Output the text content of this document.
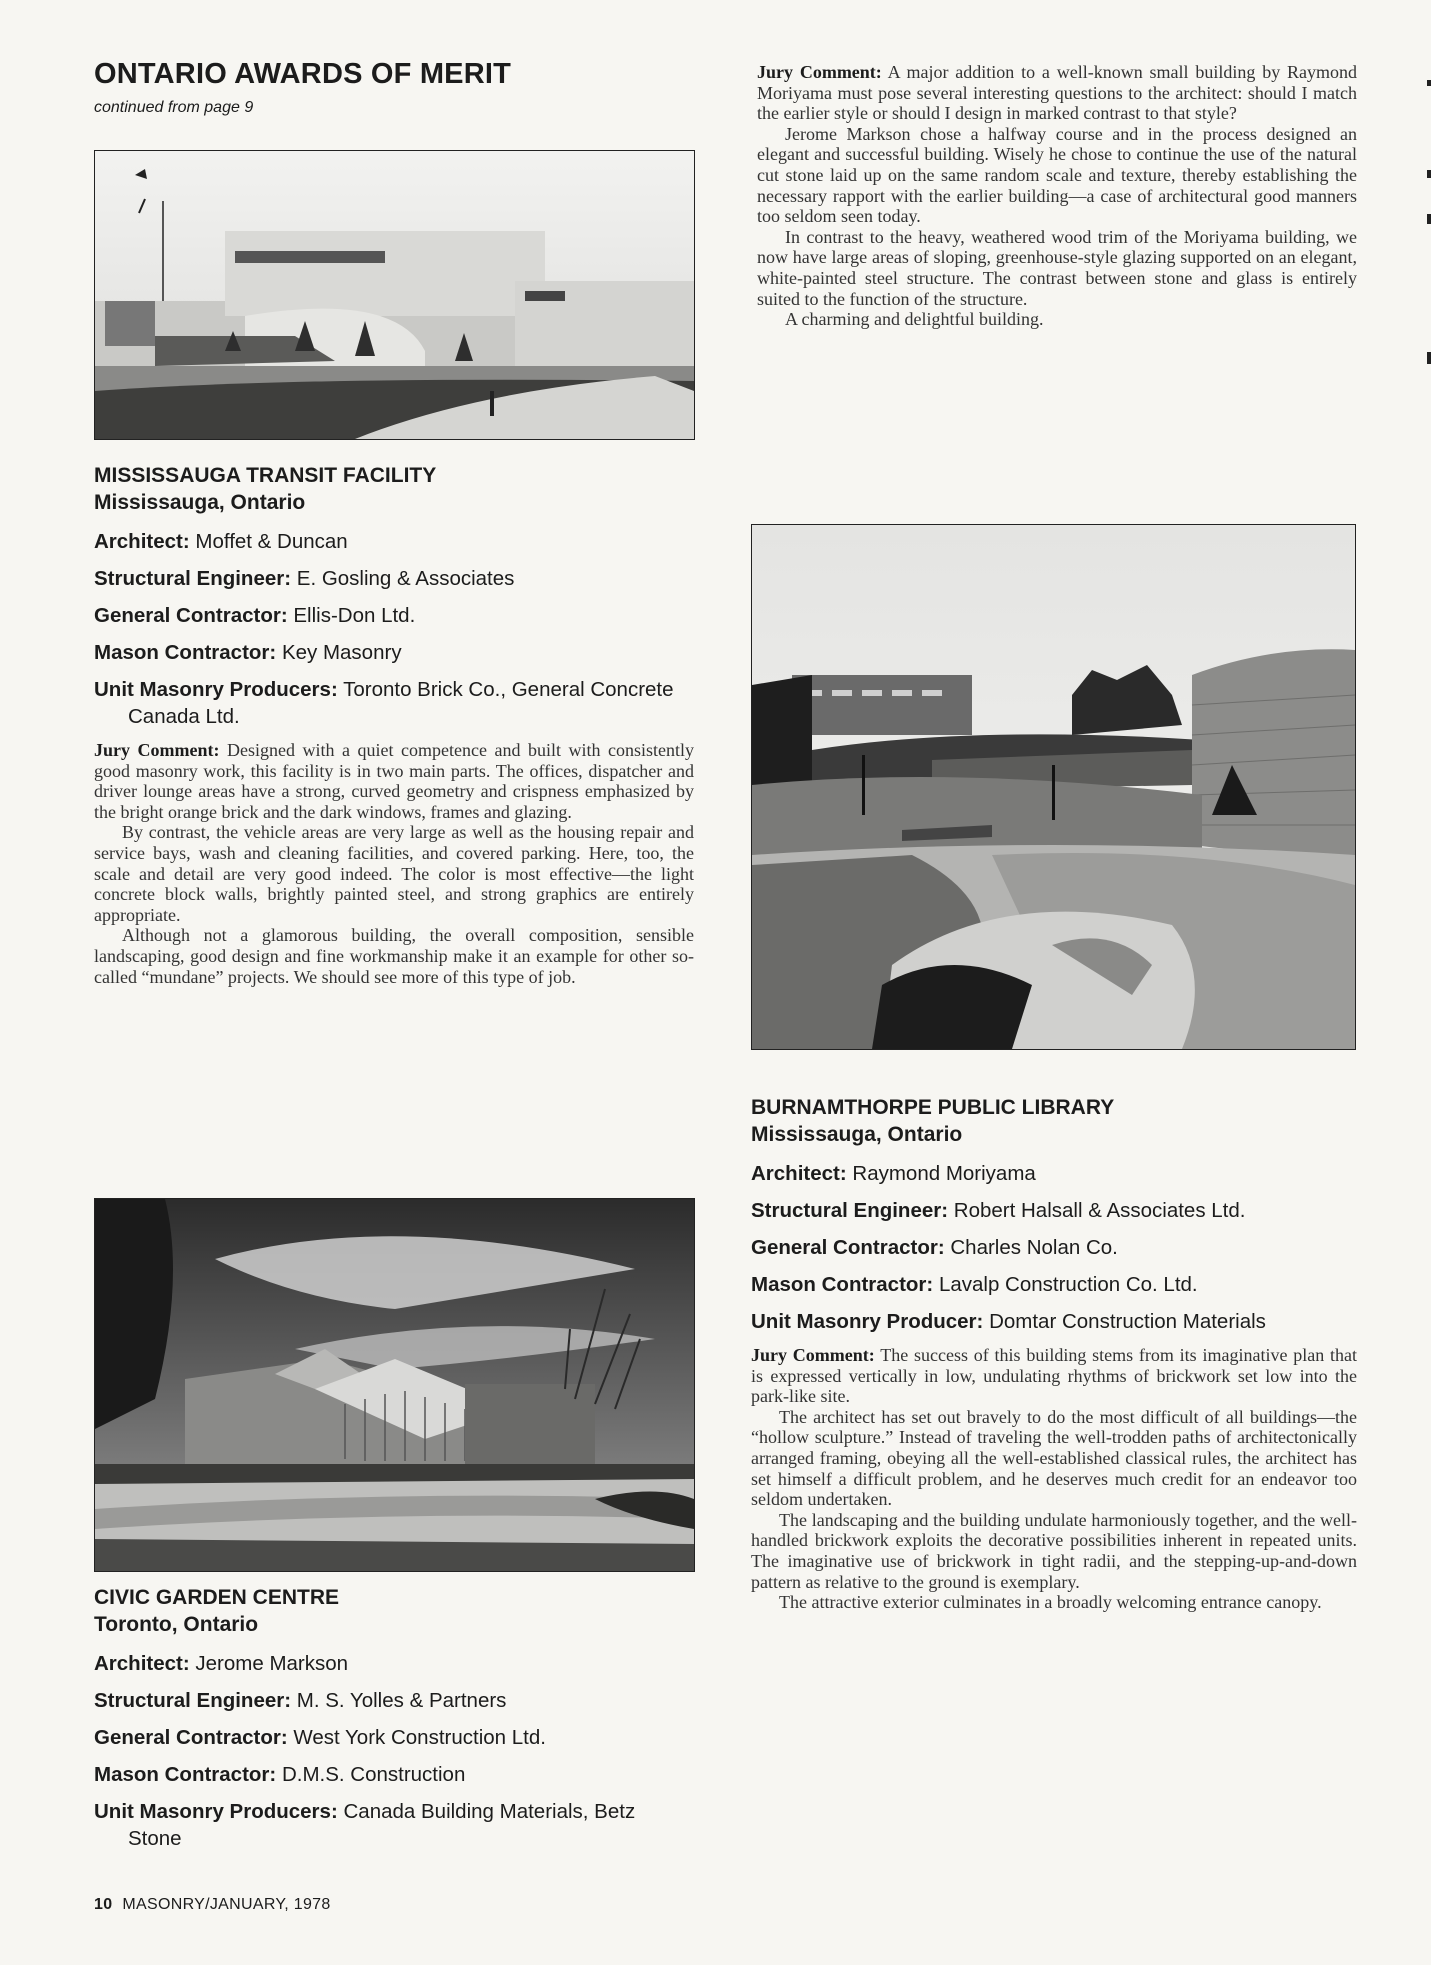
ONTARIO AWARDS OF MERIT

continued from page 9

MISSISSAUGA TRANSIT FACILITY

Mississauga, Ontario

Architect: Moffet & Duncan

Structural Engineer: E. Gosling & Associates

General Contractor: Ellis-Don Ltd.

Mason Contractor: Key Masonry

Unit Masonry Producers: Toronto Brick Co., General Concrete Canada Ltd.

Jury Comment: Designed with a quiet competence and built with consistently good masonry work, this facility is in two main parts. The offices, dispatcher and driver lounge areas have a strong, curved geometry and crispness emphasized by the bright orange brick and the dark windows, frames and glazing.

By contrast, the vehicle areas are very large as well as the housing repair and service bays, wash and cleaning facilities, and covered parking. Here, too, the scale and detail are very good indeed. The color is most effective—the light concrete block walls, brightly painted steel, and strong graphics are entirely appropriate.

Although not a glamorous building, the overall composition, sensible landscaping, good design and fine workmanship make it an example for other so-called “mundane” projects. We should see more of this type of job.

CIVIC GARDEN CENTRE

Toronto, Ontario

Architect: Jerome Markson

Structural Engineer: M. S. Yolles & Partners

General Contractor: West York Construction Ltd.

Mason Contractor: D.M.S. Construction

Unit Masonry Producers: Canada Building Materials, Betz Stone

Jury Comment: A major addition to a well-known small building by Raymond Moriyama must pose several interesting questions to the architect: should I match the earlier style or should I design in marked contrast to that style?

Jerome Markson chose a halfway course and in the process designed an elegant and successful building. Wisely he chose to continue the use of the natural cut stone laid up on the same random scale and texture, thereby establishing the necessary rapport with the earlier building—a case of architectural good manners too seldom seen today.

In contrast to the heavy, weathered wood trim of the Moriyama building, we now have large areas of sloping, greenhouse-style glazing supported on an elegant, white-painted steel structure. The contrast between stone and glass is entirely suited to the function of the structure.

A charming and delightful building.

BURNAMTHORPE PUBLIC LIBRARY

Mississauga, Ontario

Architect: Raymond Moriyama

Structural Engineer: Robert Halsall & Associates Ltd.

General Contractor: Charles Nolan Co.

Mason Contractor: Lavalp Construction Co. Ltd.

Unit Masonry Producer: Domtar Construction Materials

Jury Comment: The success of this building stems from its imaginative plan that is expressed vertically in low, undulating rhythms of brickwork set low into the park-like site.

The architect has set out bravely to do the most difficult of all buildings—the “hollow sculpture.” Instead of traveling the well-trodden paths of architectonically arranged framing, obeying all the well-established classical rules, the architect has set himself a difficult problem, and he deserves much credit for an endeavor too seldom undertaken.

The landscaping and the building undulate harmoniously together, and the well-handled brickwork exploits the decorative possibilities inherent in repeated units. The imaginative use of brickwork in tight radii, and the stepping-up-and-down pattern as relative to the ground is exemplary.

The attractive exterior culminates in a broadly welcoming entrance canopy.

10 MASONRY/JANUARY, 1978
